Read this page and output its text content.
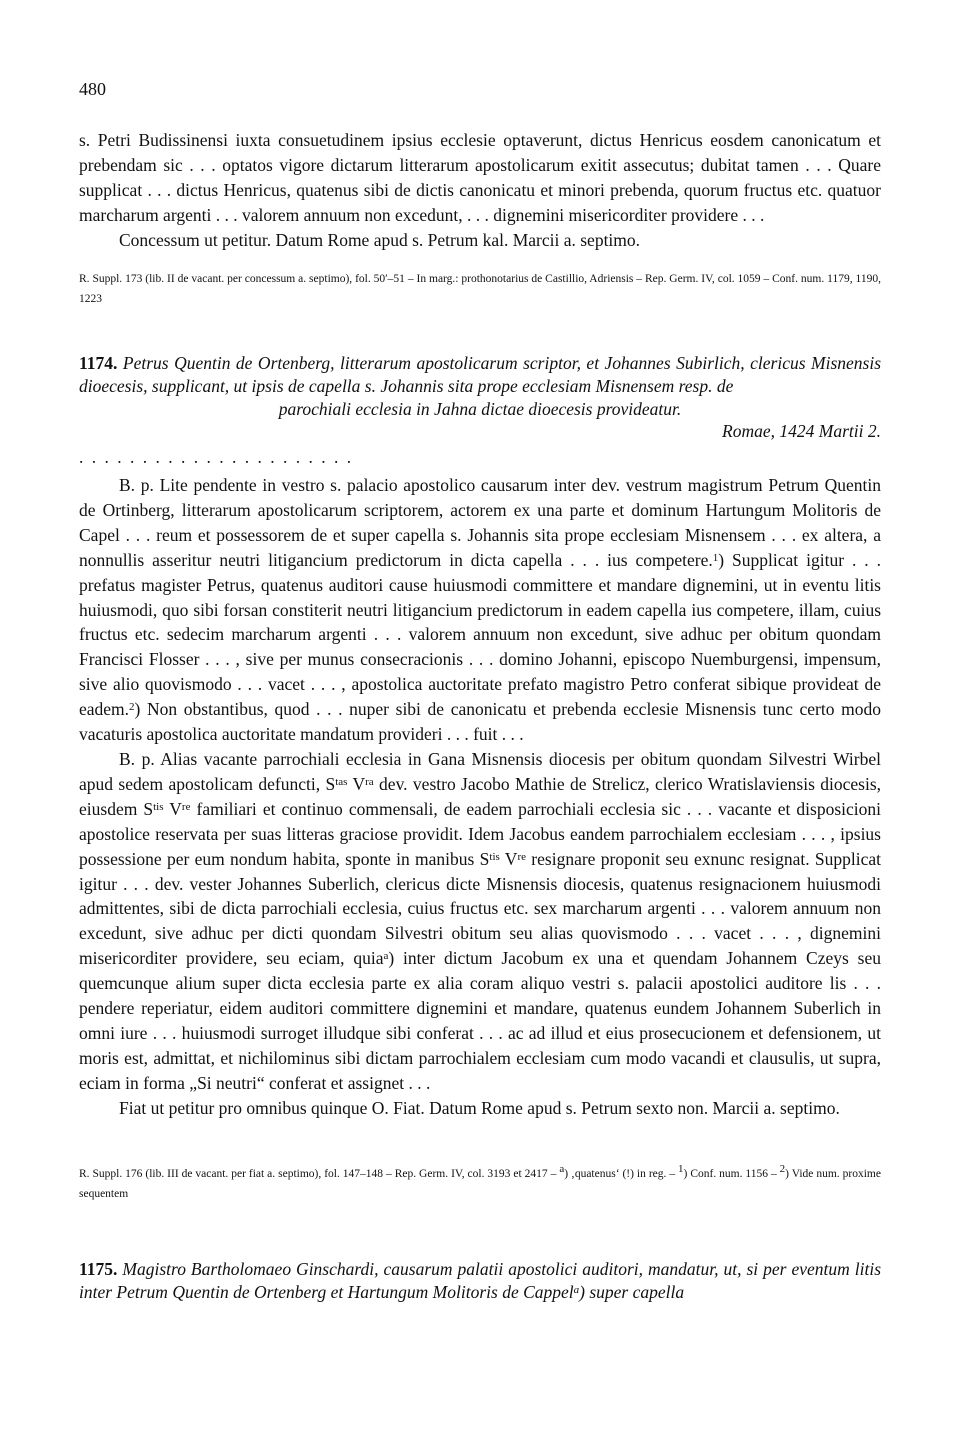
480

s. Petri Budissinensi iuxta consuetudinem ipsius ecclesie optaverunt, dictus Henricus eosdem canonicatum et prebendam sic . . . optatos vigore dictarum litterarum apostolicarum exitit assecutus; dubitat tamen . . . Quare supplicat . . . dictus Henricus, quatenus sibi de dictis canonicatu et minori prebenda, quorum fructus etc. quatuor marcharum argenti . . . valorem annuum non excedunt, . . . dignemini misericorditer providere . . .

Concessum ut petitur. Datum Rome apud s. Petrum kal. Marcii a. septimo.

R. Suppl. 173 (lib. II de vacant. per concessum a. septimo), fol. 50′–51 – In marg.: prothonotarius de Castillio, Adriensis – Rep. Germ. IV, col. 1059 – Conf. num. 1179, 1190, 1223

1174. Petrus Quentin de Ortenberg, litterarum apostolicarum scriptor, et Johannes Subirlich, clericus Misnensis dioecesis, supplicant, ut ipsis de capella s. Johannis sita prope ecclesiam Misnensem resp. de
parochiali ecclesia in Jahna dictae dioecesis provideatur.
Romae, 1424 Martii 2.
. . . . . . . . . . . . . . . . . . . . . .

B. p. Lite pendente in vestro s. palacio apostolico causarum inter dev. vestrum magistrum Petrum Quentin de Ortinberg, litterarum apostolicarum scriptorem, actorem ex una parte et dominum Hartungum Molitoris de Capel . . . reum et possessorem de et super capella s. Johannis sita prope ecclesiam Misnensem . . . ex altera, a nonnullis asseritur neutri litigancium predictorum in dicta capella . . . ius competere.$^1$) Supplicat igitur . . . prefatus magister Petrus, quatenus auditori cause huiusmodi committere et mandare dignemini, ut in eventu litis huiusmodi, quo sibi forsan constiterit neutri litigancium predictorum in eadem capella ius competere, illam, cuius fructus etc. sedecim marcharum argenti . . . valorem annuum non excedunt, sive adhuc per obitum quondam Francisci Flosser . . . , sive per munus consecracionis . . . domino Johanni, episcopo Nuemburgensi, impensum, sive alio quovismodo . . . vacet . . . , apostolica auctoritate prefato magistro Petro conferat sibique provideat de eadem.$^2$) Non obstantibus, quod . . . nuper sibi de canonicatu et prebenda ecclesie Misnensis tunc certo modo vacaturis apostolica auctoritate mandatum provideri . . . fuit . . .

B. p. Alias vacante parrochiali ecclesia in Gana Misnensis diocesis per obitum quondam Silvestri Wirbel apud sedem apostolicam defuncti, $S^{tas}$ $V^{ra}$ dev. vestro Jacobo Mathie de Strelicz, clerico Wratislaviensis diocesis, eiusdem $S^{tis}$ Vre familiari et continuo commensali, de eadem parrochiali ecclesia sic . . . vacante et disposicioni apostolice reservata per suas litteras graciose providit. Idem Jacobus eandem parrochialem ecclesiam . . . , ipsius possessione per eum nondum habita, sponte in manibus $S^{tis}$ Vre resignare proponit seu exnunc resignat. Supplicat igitur . . . dev. vester Johannes Suberlich, clericus dicte Misnensis diocesis, quatenus resignacionem huiusmodi admittentes, sibi de dicta parrochiali ecclesia, cuius fructus etc. sex marcharum argenti . . . valorem annuum non excedunt, sive adhuc per dicti quondam Silvestri obitum seu alias quovismodo . . . vacet . . . , dignemini misericorditer providere, seu eciam, quia$^a$) inter dictum Jacobum ex una et quendam Johannem Czeys seu quemcunque alium super dicta ecclesia parte ex alia coram aliquo vestri s. palacii apostolici auditore lis . . . pendere reperiatur, eidem auditori committere dignemini et mandare, quatenus eundem Johannem Suberlich in omni iure . . . huiusmodi surroget illudque sibi conferat . . . ac ad illud et eius prosecucionem et defensionem, ut moris est, admittat, et nichilominus sibi dictam parrochialem ecclesiam cum modo vacandi et clausulis, ut supra, eciam in forma „Si neutri“ conferat et assignet . . .

Fiat ut petitur pro omnibus quinque O. Fiat. Datum Rome apud s. Petrum sexto non. Marcii a. septimo.

R. Suppl. 176 (lib. III de vacant. per fiat a. septimo), fol. 147–148 – Rep. Germ. IV, col. 3193 et 2417 – $^a$) ‚quatenus‘ (!) in reg. – $^1$) Conf. num. 1156 – $^2$) Vide num. proxime sequentem

1175. Magistro Bartholomaeo Ginschardi, causarum palatii apostolici auditori, mandatur, ut, si per eventum litis inter Petrum Quentin de Ortenberg et Hartungum Molitoris de Cappel$^a$) super capella
